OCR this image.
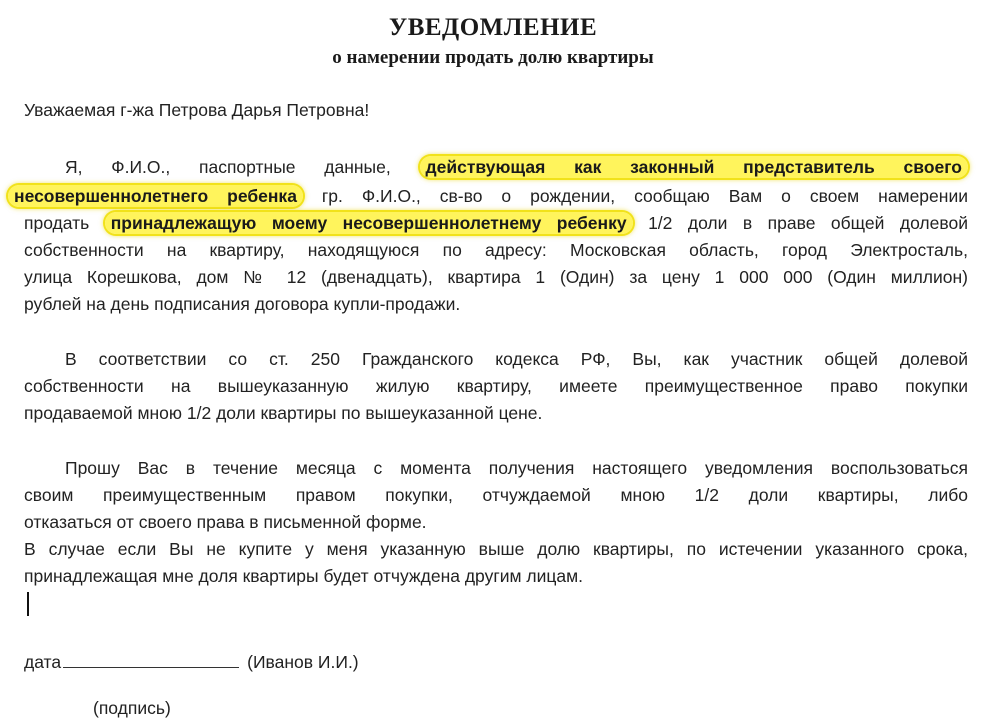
УВЕДОМЛЕНИЕ
о намерении продать долю квартиры
Уважаемая г-жа Петрова Дарья Петровна!
Я, Ф.И.О., паспортные данные, действующая как законный представитель своего
несовершеннолетнего ребенка гр. Ф.И.О., св-во о рождении, сообщаю Вам о своем намерении
продать принадлежащую моему несовершеннолетнему ребенку 1/2 доли в праве общей долевой
собственности на квартиру, находящуюся по адресу: Московская область, город Электросталь,
улица Корешкова, дом № 12 (двенадцать), квартира 1 (Один) за цену 1 000 000 (Один миллион)
рублей на день подписания договора купли-продажи.
В соответствии со ст. 250 Гражданского кодекса РФ, Вы, как участник общей долевой
собственности на вышеуказанную жилую квартиру, имеете преимущественное право покупки
продаваемой мною 1/2 доли квартиры по вышеуказанной цене.
Прошу Вас в течение месяца с момента получения настоящего уведомления воспользоваться
своим преимущественным правом покупки, отчуждаемой мною 1/2 доли квартиры, либо
отказаться от своего права в письменной форме.
В случае если Вы не купите у меня указанную выше долю квартиры, по истечении указанного срока,
принадлежащая мне доля квартиры будет отчуждена другим лицам.
дата	(Иванов И.И.)
(подпись)
